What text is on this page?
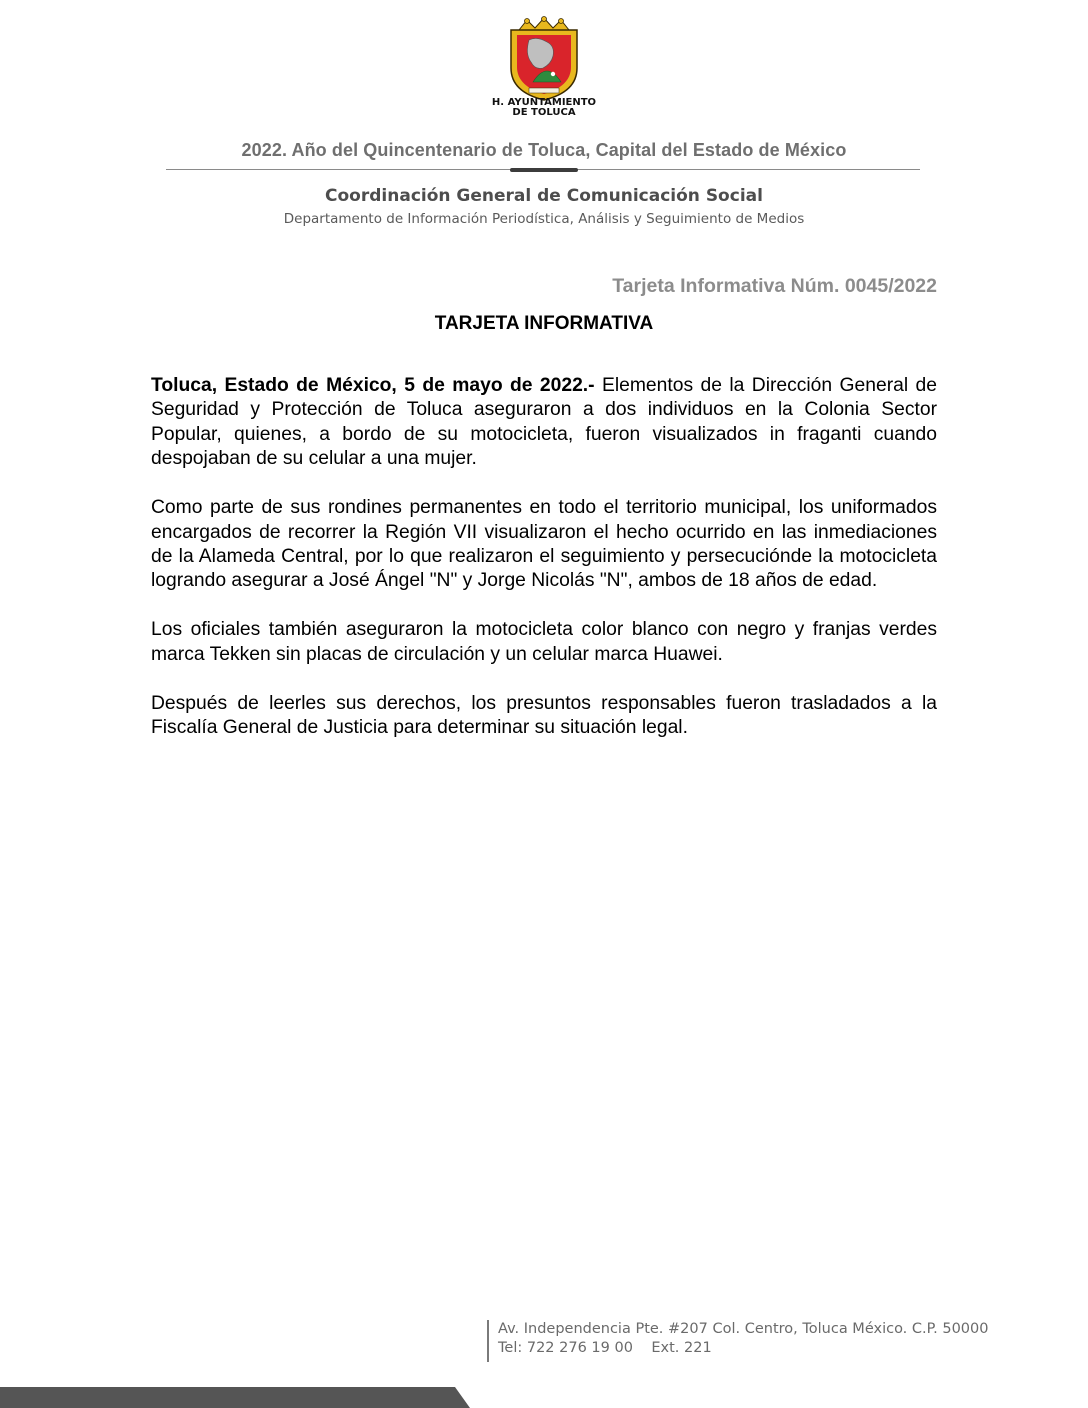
H. AYUNTAMIENTO
DE TOLUCA
2022. Año del Quincentenario de Toluca, Capital del Estado de México
Coordinación General de Comunicación Social
Departamento de Información Periodística, Análisis y Seguimiento de Medios
Tarjeta Informativa Núm. 0045/2022
TARJETA INFORMATIVA

Toluca, Estado de México, 5 de mayo de 2022.- Elementos de la Dirección General de Seguridad y Protección de Toluca aseguraron a dos individuos en la Colonia Sector Popular, quienes, a bordo de su motocicleta, fueron visualizados in fraganti cuando despojaban de su celular a una mujer.

Como parte de sus rondines permanentes en todo el territorio municipal, los uniformados encargados de recorrer la Región VII visualizaron el hecho ocurrido en las inmediaciones de la Alameda Central, por lo que realizaron el seguimiento y persecuciónde la motocicleta logrando asegurar a José Ángel "N" y Jorge Nicolás "N", ambos de 18 años de edad.

Los oficiales también aseguraron la motocicleta color blanco con negro y franjas verdes marca Tekken sin placas de circulación y un celular marca Huawei.

Después de leerles sus derechos, los presuntos responsables fueron trasladados a la Fiscalía General de Justicia para determinar su situación legal.

Av. Independencia Pte. #207 Col. Centro, Toluca México. C.P. 50000
Tel: 722 276 19 00    Ext. 221
